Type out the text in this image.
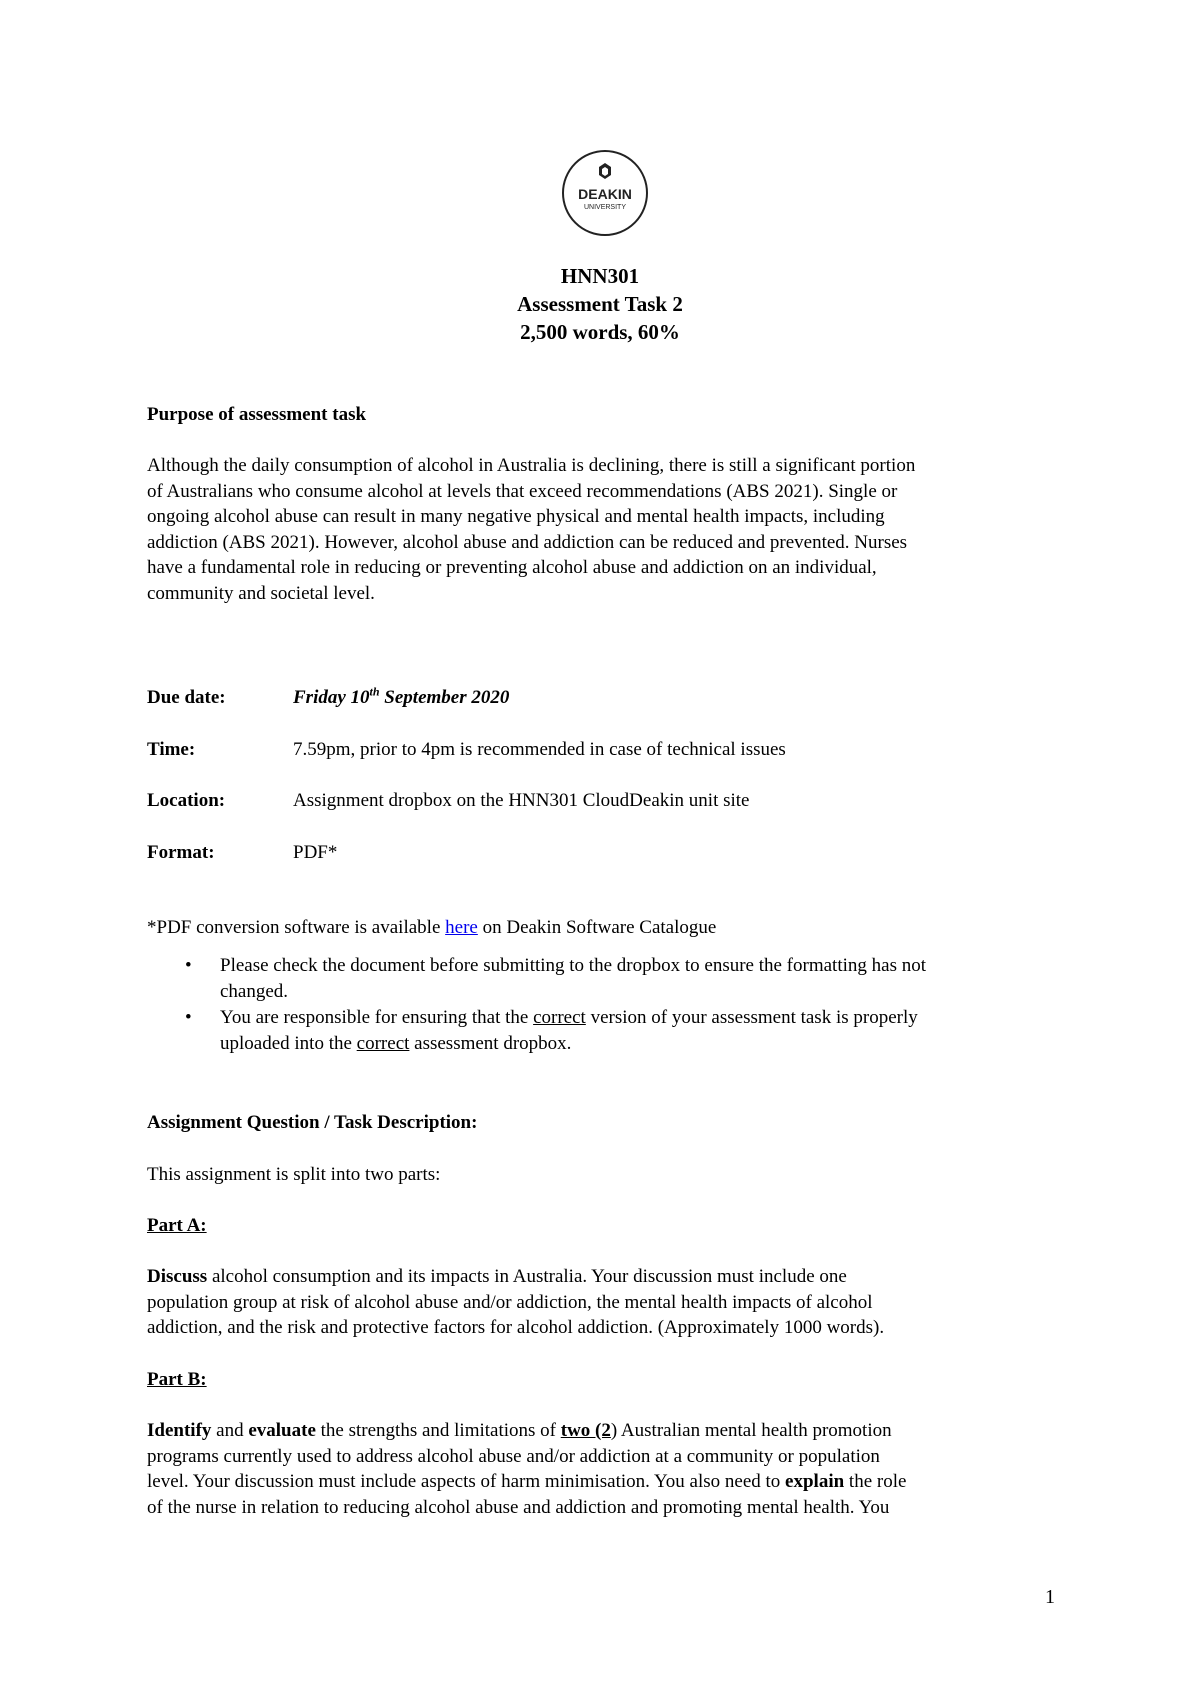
DEAKIN
UNIVERSITY
HNN301
Assessment Task 2
2,500 words, 60%
Purpose of assessment task
Although the daily consumption of alcohol in Australia is declining, there is still a significant portion
of Australians who consume alcohol at levels that exceed recommendations (ABS 2021). Single or
ongoing alcohol abuse can result in many negative physical and mental health impacts, including
addiction (ABS 2021). However, alcohol abuse and addiction can be reduced and prevented. Nurses
have a fundamental role in reducing or preventing alcohol abuse and addiction on an individual,
community and societal level.
Due date:	Friday 10th September 2020
Time:	7.59pm, prior to 4pm is recommended in case of technical issues
Location:	Assignment dropbox on the HNN301 CloudDeakin unit site
Format:	PDF*
*PDF conversion software is available here on Deakin Software Catalogue
• Please check the document before submitting to the dropbox to ensure the formatting has not
changed.
• You are responsible for ensuring that the correct version of your assessment task is properly
uploaded into the correct assessment dropbox.
Assignment Question / Task Description:
This assignment is split into two parts:
Part A:
Discuss alcohol consumption and its impacts in Australia. Your discussion must include one
population group at risk of alcohol abuse and/or addiction, the mental health impacts of alcohol
addiction, and the risk and protective factors for alcohol addiction. (Approximately 1000 words).
Part B:
Identify and evaluate the strengths and limitations of two (2) Australian mental health promotion
programs currently used to address alcohol abuse and/or addiction at a community or population
level. Your discussion must include aspects of harm minimisation. You also need to explain the role
of the nurse in relation to reducing alcohol abuse and addiction and promoting mental health. You
1
